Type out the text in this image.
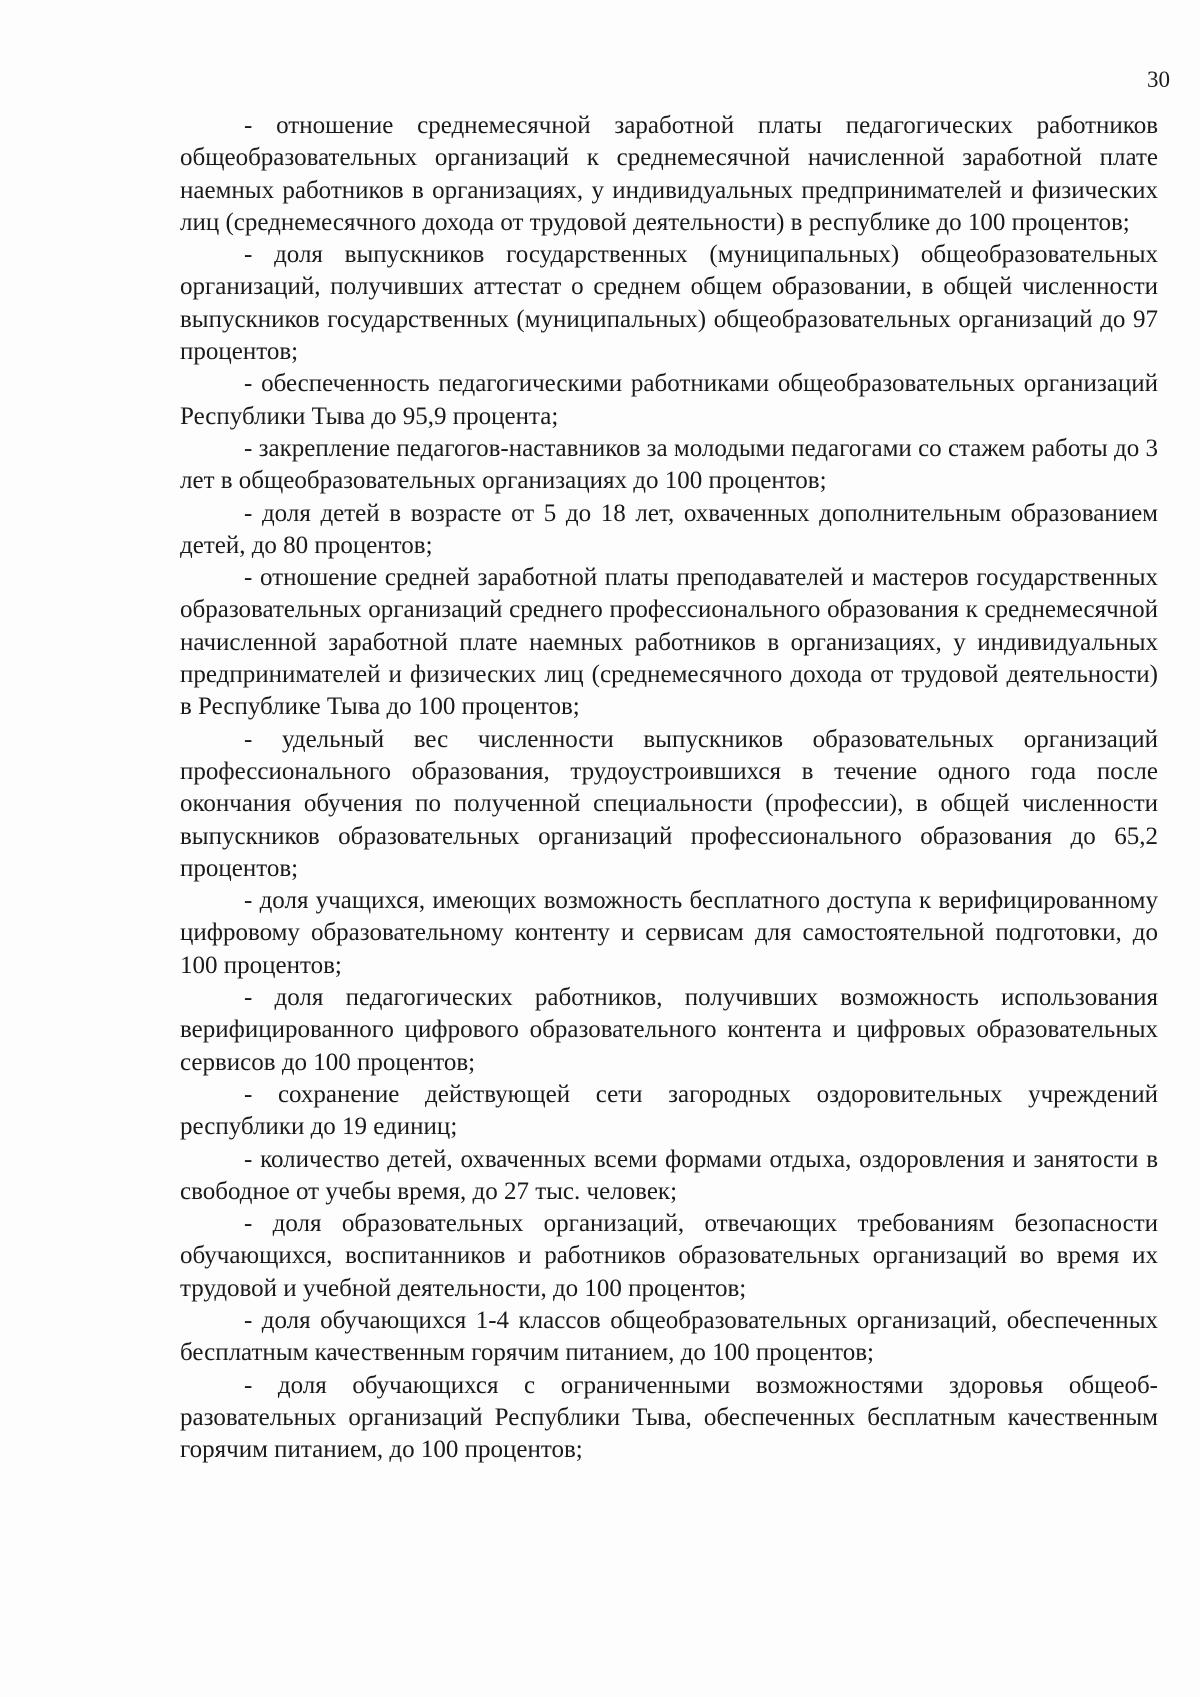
30

- отношение среднемесячной заработной платы педагогических работников общеобразовательных организаций к среднемесячной начисленной заработной плате наемных работников в организациях, у индивидуальных предпринимателей и физических лиц (среднемесячного дохода от трудовой деятельности) в республике до 100 процентов;

- доля выпускников государственных (муниципальных) общеобразовательных организаций, получивших аттестат о среднем общем образовании, в общей численности выпускников государственных (муниципальных) общеобразовательных организаций до 97 процентов;

- обеспеченность педагогическими работниками общеобразовательных организаций Республики Тыва до 95,9 процента;

- закрепление педагогов-наставников за молодыми педагогами со стажем работы до 3 лет в общеобразовательных организациях до 100 процентов;

- доля детей в возрасте от 5 до 18 лет, охваченных дополнительным образованием детей, до 80 процентов;

- отношение средней заработной платы преподавателей и мастеров государственных образовательных организаций среднего профессионального образования к среднемесячной начисленной заработной плате наемных работников в организациях, у индивидуальных предпринимателей и физических лиц (среднемесячного дохода от трудовой деятельности) в Республике Тыва до 100 процентов;

- удельный вес численности выпускников образовательных организаций профессионального образования, трудоустроившихся в течение одного года после окончания обучения по полученной специальности (профессии), в общей численности выпускников образовательных организаций профессионального образования до 65,2 процентов;

- доля учащихся, имеющих возможность бесплатного доступа к верифицированному цифровому образовательному контенту и сервисам для самостоятельной подготовки, до 100 процентов;

- доля педагогических работников, получивших возможность использования верифицированного цифрового образовательного контента и цифровых образовательных сервисов до 100 процентов;

- сохранение действующей сети загородных оздоровительных учреждений республики до 19 единиц;

- количество детей, охваченных всеми формами отдыха, оздоровления и занятости в свободное от учебы время, до 27 тыс. человек;

- доля образовательных организаций, отвечающих требованиям безопасности обучающихся, воспитанников и работников образовательных организаций во время их трудовой и учебной деятельности, до 100 процентов;

- доля обучающихся 1-4 классов общеобразовательных организаций, обеспеченных бесплатным качественным горячим питанием, до 100 процентов;

- доля обучающихся с ограниченными возможностями здоровья общеобразовательных организаций Республики Тыва, обеспеченных бесплатным качественным горячим питанием, до 100 процентов;
